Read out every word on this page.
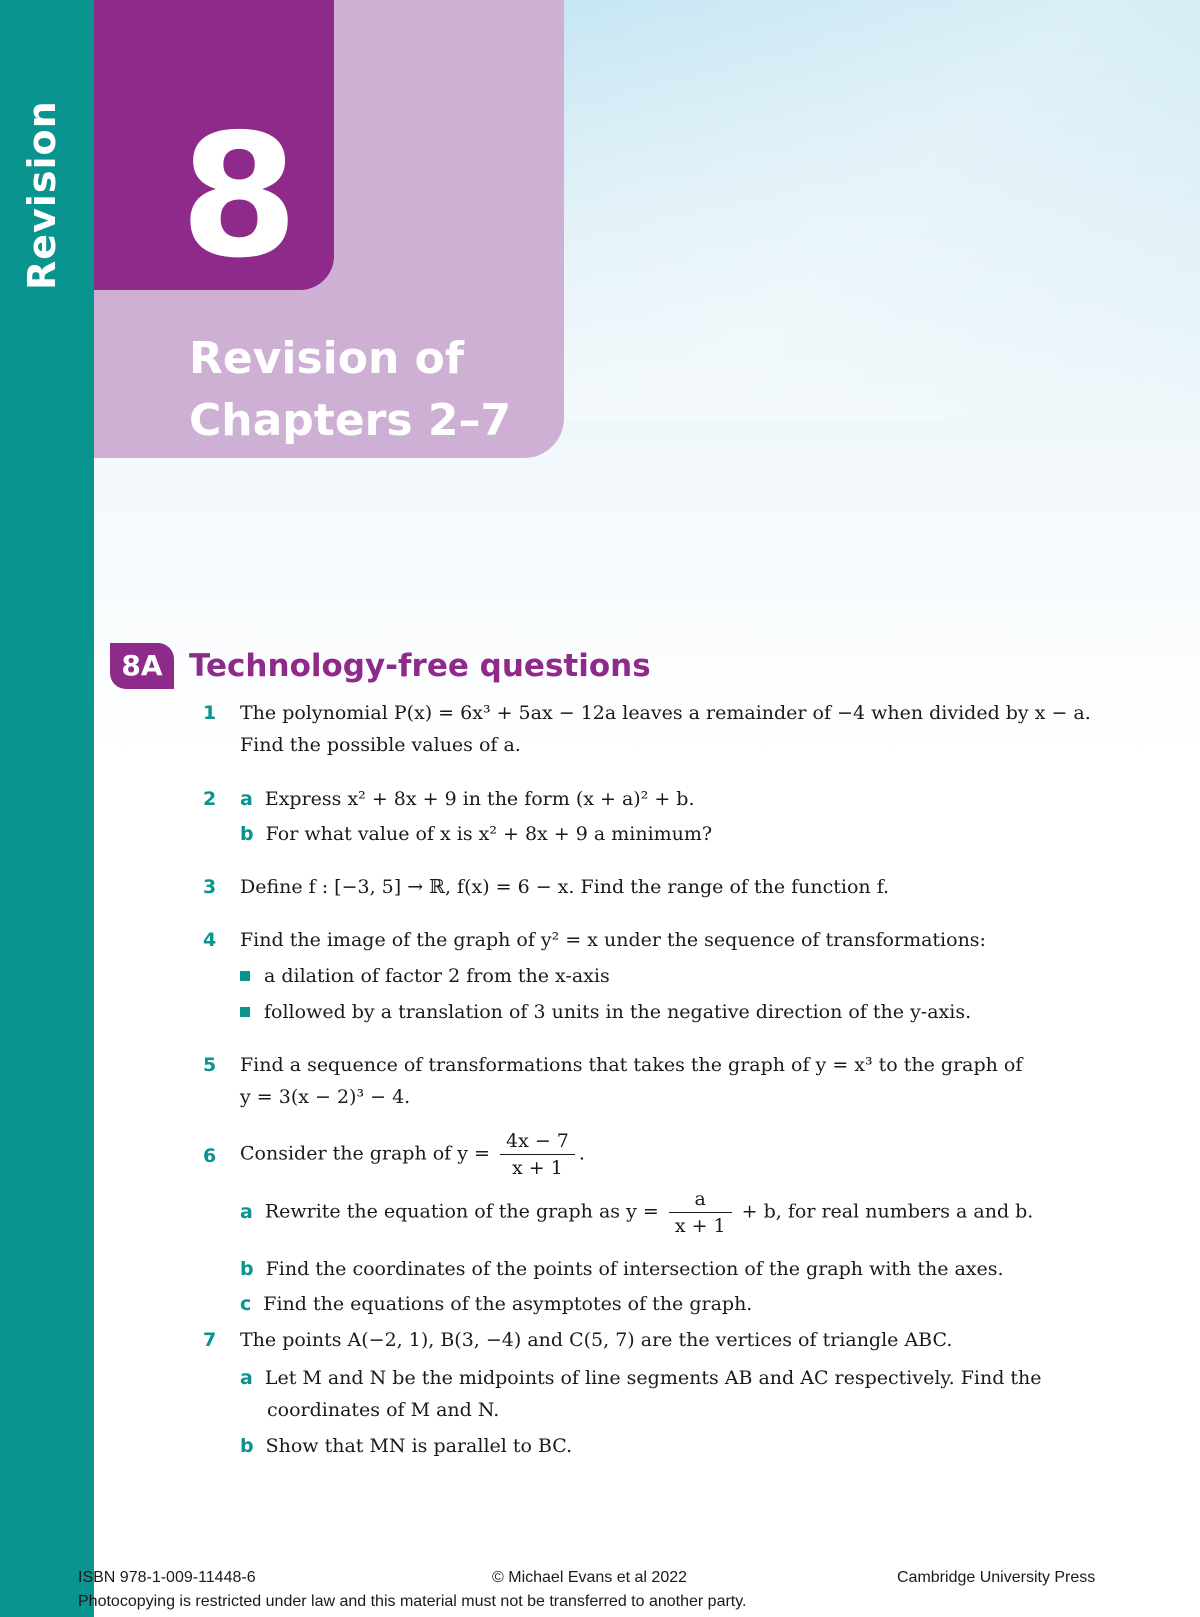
Revision 8
Revision of
Chapters 2–7
8A Technology-free questions
1 The polynomial P(x) = 6x³ + 5ax − 12a leaves a remainder of −4 when divided by x − a.
Find the possible values of a.
2 a Express x² + 8x + 9 in the form (x + a)² + b.
b For what value of x is x² + 8x + 9 a minimum?
3 Define f : [−3, 5] → ℝ, f(x) = 6 − x. Find the range of the function f.
4 Find the image of the graph of y² = x under the sequence of transformations:
a dilation of factor 2 from the x-axis
followed by a translation of 3 units in the negative direction of the y-axis.
5 Find a sequence of transformations that takes the graph of y = x³ to the graph of
y = 3(x − 2)³ − 4.
6 Consider the graph of $y = \frac{4x - 7}{x + 1}$ .
a Rewrite the equation of the graph as $y = \frac{a}{x + 1} + b$, for real numbers a and b.
b Find the coordinates of the points of intersection of the graph with the axes.
c Find the equations of the asymptotes of the graph.
7 The points A(−2, 1), B(3, −4) and C(5, 7) are the vertices of triangle ABC.
a Let M and N be the midpoints of line segments AB and AC respectively. Find the
coordinates of M and N.
b Show that MN is parallel to BC.
ISBN 978-1-009-11448-6	© Michael Evans et al 2022	Cambridge University Press
Photocopying is restricted under law and this material must not be transferred to another party.
